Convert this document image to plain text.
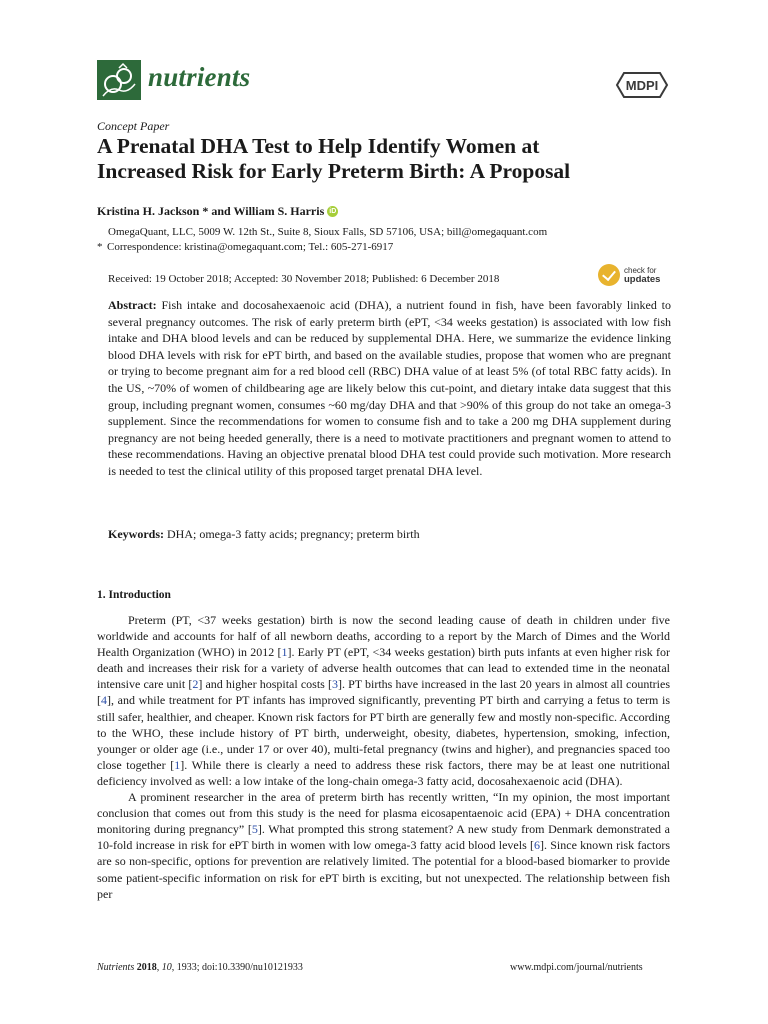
nutrients	MDPI
Concept Paper
A Prenatal DHA Test to Help Identify Women at
Increased Risk for Early Preterm Birth: A Proposal
Kristina H. Jackson * and William S. Harris iD
OmegaQuant, LLC, 5009 W. 12th St., Suite 8, Sioux Falls, SD 57106, USA; bill@omegaquant.com
* Correspondence: kristina@omegaquant.com; Tel.: 605-271-6917
Received: 19 October 2018; Accepted: 30 November 2018; Published: 6 December 2018
check for
updates
Abstract: Fish intake and docosahexaenoic acid (DHA), a nutrient found in fish, have been favorably linked to several pregnancy outcomes. The risk of early preterm birth (ePT, <34 weeks gestation) is associated with low fish intake and DHA blood levels and can be reduced by supplemental DHA. Here, we summarize the evidence linking blood DHA levels with risk for ePT birth, and based on the available studies, propose that women who are pregnant or trying to become pregnant aim for a red blood cell (RBC) DHA value of at least 5% (of total RBC fatty acids). In the US, ~70% of women of childbearing age are likely below this cut-point, and dietary intake data suggest that this group, including pregnant women, consumes ~60 mg/day DHA and that >90% of this group do not take an omega-3 supplement. Since the recommendations for women to consume fish and to take a 200 mg DHA supplement during pregnancy are not being heeded generally, there is a need to motivate practitioners and pregnant women to attend to these recommendations. Having an objective prenatal blood DHA test could provide such motivation. More research is needed to test the clinical utility of this proposed target prenatal DHA level.
Keywords: DHA; omega-3 fatty acids; pregnancy; preterm birth
1. Introduction

Preterm (PT, <37 weeks gestation) birth is now the second leading cause of death in children under five worldwide and accounts for half of all newborn deaths, according to a report by the March of Dimes and the World Health Organization (WHO) in 2012 [1]. Early PT (ePT, <34 weeks gestation) birth puts infants at even higher risk for death and increases their risk for a variety of adverse health outcomes that can lead to extended time in the neonatal intensive care unit [2] and higher hospital costs [3]. PT births have increased in the last 20 years in almost all countries [4], and while treatment for PT infants has improved significantly, preventing PT birth and carrying a fetus to term is still safer, healthier, and cheaper. Known risk factors for PT birth are generally few and mostly non-specific. According to the WHO, these include history of PT birth, underweight, obesity, diabetes, hypertension, smoking, infection, younger or older age (i.e., under 17 or over 40), multi-fetal pregnancy (twins and higher), and pregnancies spaced too close together [1]. While there is clearly a need to address these risk factors, there may be at least one nutritional deficiency involved as well: a low intake of the long-chain omega-3 fatty acid, docosahexaenoic acid (DHA).

A prominent researcher in the area of preterm birth has recently written, “In my opinion, the most important conclusion that comes out from this study is the need for plasma eicosapentaenoic acid (EPA) + DHA concentration monitoring during pregnancy” [5]. What prompted this strong statement? A new study from Denmark demonstrated a 10-fold increase in risk for ePT birth in women with low omega-3 fatty acid blood levels [6]. Since known risk factors are so non-specific, options for prevention are relatively limited. The potential for a blood-based biomarker to provide some patient-specific information on risk for ePT birth is exciting, but not unexpected. The relationship between fish per

Nutrients 2018, 10, 1933; doi:10.3390/nu10121933	www.mdpi.com/journal/nutrients
